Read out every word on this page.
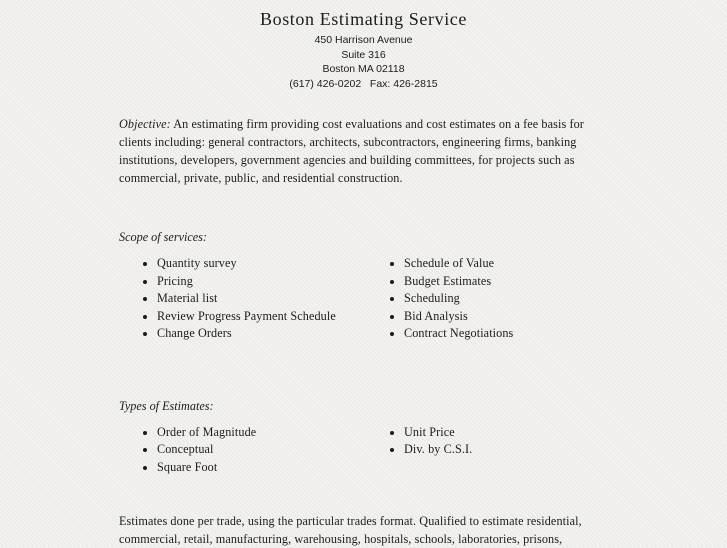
Boston Estimating Service
450 Harrison Avenue
Suite 316
Boston MA 02118
(617) 426-0202   Fax: 426-2815

Objective: An estimating firm providing cost evaluations and cost estimates on a fee basis for clients including: general contractors, architects, subcontractors, engineering firms, banking institutions, developers, government agencies and building committees, for projects such as commercial, private, public, and residential construction.

Scope of services:
• Quantity survey
• Pricing
• Material list
• Review Progress Payment Schedule
• Change Orders
• Schedule of Value
• Budget Estimates
• Scheduling
• Bid Analysis
• Contract Negotiations
Types of Estimates:
• Order of Magnitude
• Conceptual
• Square Foot
• Unit Price
• Div. by C.S.I.

Estimates done per trade, using the particular trades format. Qualified to estimate residential, commercial, retail, manufacturing, warehousing, hospitals, schools, laboratories, prisons,
